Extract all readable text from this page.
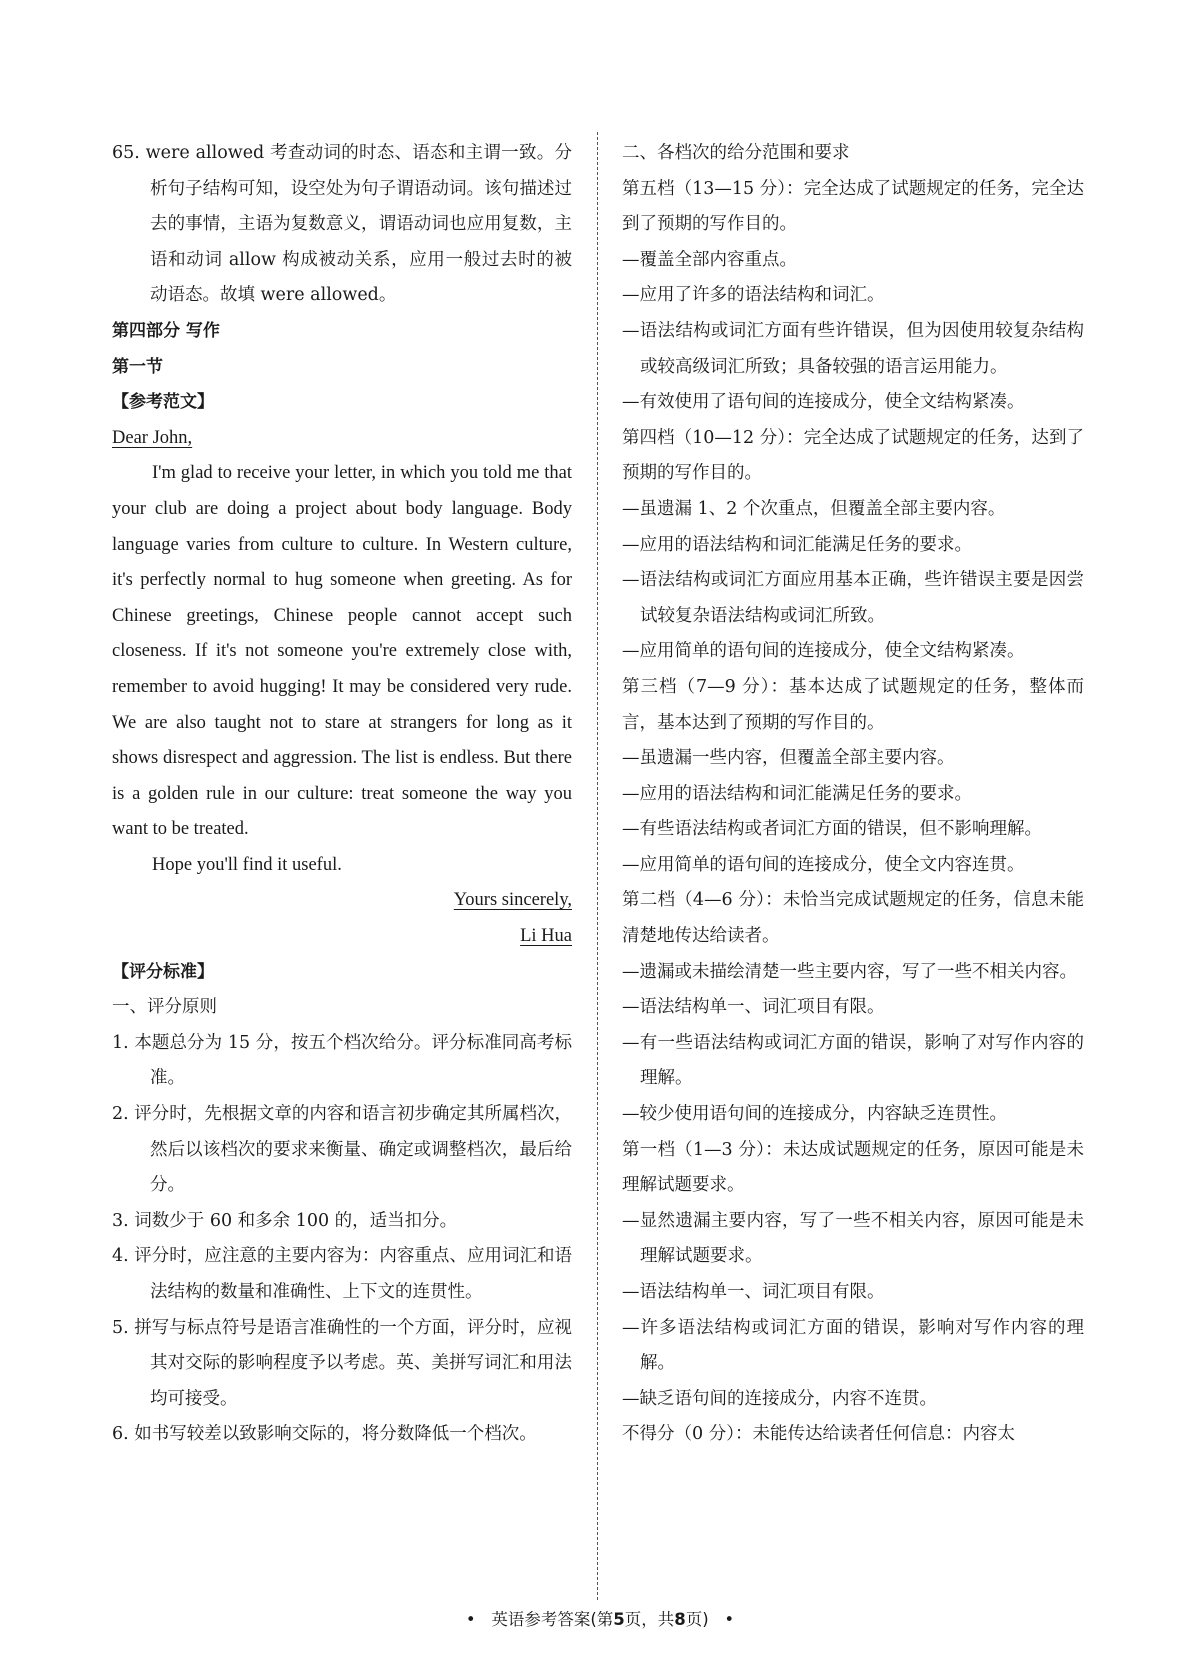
65. were allowed 考查动词的时态、语态和主谓一致。分析句子结构可知，设空处为句子谓语动词。该句描述过去的事情，主语为复数意义，谓语动词也应用复数，主语和动词 allow 构成被动关系，应用一般过去时的被动语态。故填 were allowed。
第四部分 写作
第一节
【参考范文】
Dear John,
I'm glad to receive your letter, in which you told me that your club are doing a project about body language. Body language varies from culture to culture. In Western culture, it's perfectly normal to hug someone when greeting. As for Chinese greetings, Chinese people cannot accept such closeness. If it's not someone you're extremely close with, remember to avoid hugging! It may be considered very rude. We are also taught not to stare at strangers for long as it shows disrespect and aggression. The list is endless. But there is a golden rule in our culture: treat someone the way you want to be treated.
Hope you'll find it useful.
Yours sincerely,
Li Hua
【评分标准】
一、评分原则
1. 本题总分为 15 分，按五个档次给分。评分标准同高考标准。
2. 评分时，先根据文章的内容和语言初步确定其所属档次，然后以该档次的要求来衡量、确定或调整档次，最后给分。
3. 词数少于 60 和多余 100 的，适当扣分。
4. 评分时，应注意的主要内容为：内容重点、应用词汇和语法结构的数量和准确性、上下文的连贯性。
5. 拼写与标点符号是语言准确性的一个方面，评分时，应视其对交际的影响程度予以考虑。英、美拼写词汇和用法均可接受。
6. 如书写较差以致影响交际的，将分数降低一个档次。
二、各档次的给分范围和要求
第五档（13—15 分）：完全达成了试题规定的任务，完全达到了预期的写作目的。
—覆盖全部内容重点。
—应用了许多的语法结构和词汇。
—语法结构或词汇方面有些许错误，但为因使用较复杂结构或较高级词汇所致；具备较强的语言运用能力。
—有效使用了语句间的连接成分，使全文结构紧凑。
第四档（10—12 分）：完全达成了试题规定的任务，达到了预期的写作目的。
—虽遗漏 1、2 个次重点，但覆盖全部主要内容。
—应用的语法结构和词汇能满足任务的要求。
—语法结构或词汇方面应用基本正确，些许错误主要是因尝试较复杂语法结构或词汇所致。
—应用简单的语句间的连接成分，使全文结构紧凑。
第三档（7—9 分）：基本达成了试题规定的任务，整体而言，基本达到了预期的写作目的。
—虽遗漏一些内容，但覆盖全部主要内容。
—应用的语法结构和词汇能满足任务的要求。
—有些语法结构或者词汇方面的错误，但不影响理解。
—应用简单的语句间的连接成分，使全文内容连贯。
第二档（4—6 分）：未恰当完成试题规定的任务，信息未能清楚地传达给读者。
—遗漏或未描绘清楚一些主要内容，写了一些不相关内容。
—语法结构单一、词汇项目有限。
—有一些语法结构或词汇方面的错误，影响了对写作内容的理解。
—较少使用语句间的连接成分，内容缺乏连贯性。
第一档（1—3 分）：未达成试题规定的任务，原因可能是未理解试题要求。
—显然遗漏主要内容，写了一些不相关内容，原因可能是未理解试题要求。
—语法结构单一、词汇项目有限。
—许多语法结构或词汇方面的错误，影响对写作内容的理解。
—缺乏语句间的连接成分，内容不连贯。
不得分（0 分）：未能传达给读者任何信息：内容太
• 英语参考答案(第5页，共8页) •
